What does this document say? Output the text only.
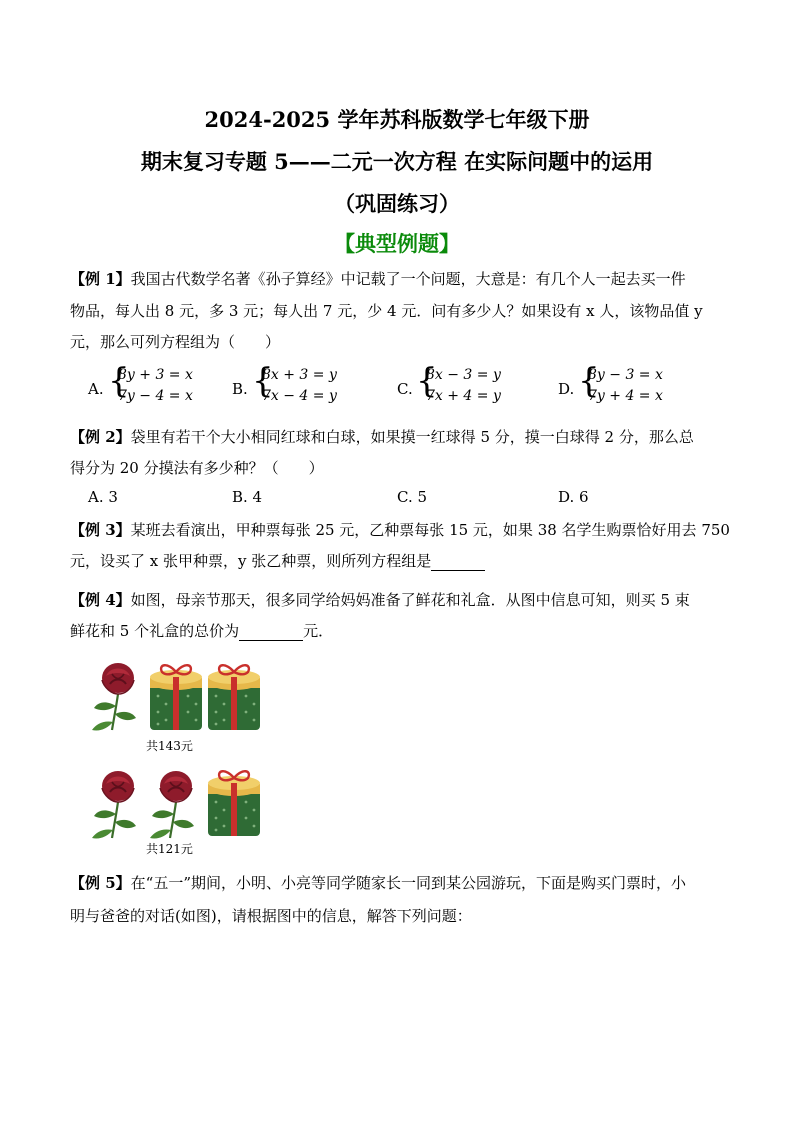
2024-2025 学年苏科版数学七年级下册
期末复习专题 5——二元一次方程 在实际问题中的运用
（巩固练习）
【典型例题】
【例 1】我国古代数学名著《孙子算经》中记载了一个问题，大意是：有几个人一起去买一件
物品，每人出 8 元，多 3 元；每人出 7 元，少 4 元．问有多少人？如果设有 x 人，该物品值 y
元，那么可列方程组为（　　）
A. {
8y + 3 = x
7y − 4 = x	B. {
8x + 3 = y
7x − 4 = y	C. {
8x − 3 = y
7x + 4 = y	D. {
8y − 3 = x
7y + 4 = x
【例 2】袋里有若干个大小相同红球和白球，如果摸一红球得 5 分，摸一白球得 2 分，那么总
得分为 20 分摸法有多少种？（　　）
A. 3	B. 4	C. 5	D. 6
【例 3】某班去看演出，甲种票每张 25 元，乙种票每张 15 元，如果 38 名学生购票恰好用去 750
元，设买了 x 张甲种票，y 张乙种票，则所列方程组是
【例 4】如图，母亲节那天，很多同学给妈妈准备了鲜花和礼盒．从图中信息可知，则买 5 束
鲜花和 5 个礼盒的总价为	元．
共143元
共121元
【例 5】在“五一”期间，小明、小亮等同学随家长一同到某公园游玩，下面是购买门票时，小
明与爸爸的对话(如图)，请根据图中的信息，解答下列问题：
